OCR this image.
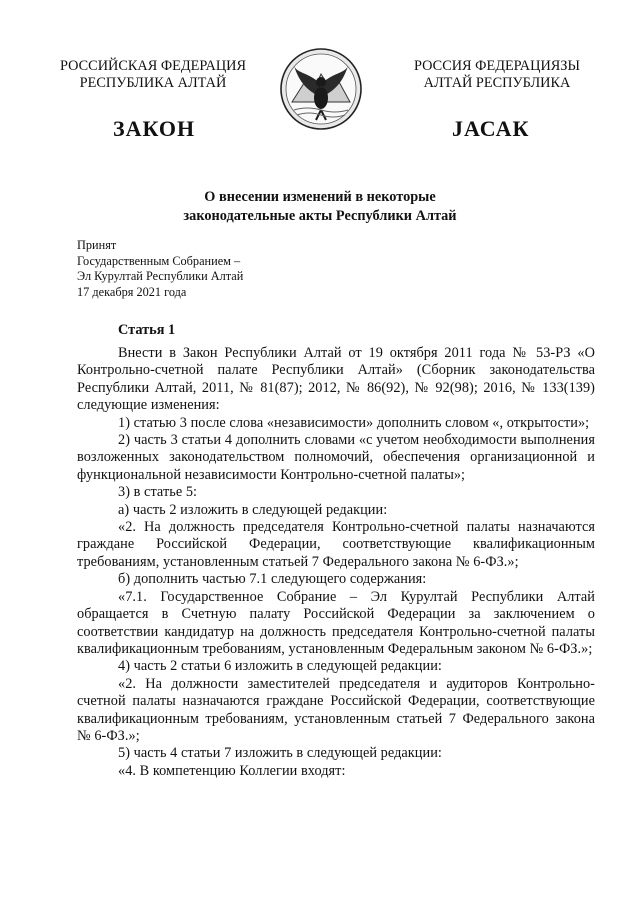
РОССИЙСКАЯ ФЕДЕРАЦИЯ
РЕСПУБЛИКА АЛТАЙ
РОССИЯ ФЕДЕРАЦИЯЗЫ
АЛТАЙ РЕСПУБЛИКА
ЗАКОН	ЈАСАК
О внесении изменений в некоторые
законодательные акты Республики Алтай
Принят
Государственным Собранием –
Эл Курултай Республики Алтай
17 декабря 2021 года
Статья 1

Внести в Закон Республики Алтай от 19 октября 2011 года № 53-РЗ «О Контрольно-счетной палате Республики Алтай» (Сборник законодательства Республики Алтай, 2011, № 81(87); 2012, № 86(92), № 92(98); 2016, № 133(139) следующие изменения:

1) статью 3 после слова «независимости» дополнить словом «, открытости»;

2) часть 3 статьи 4 дополнить словами «с учетом необходимости выполнения возложенных законодательством полномочий, обеспечения организационной и функциональной независимости Контрольно-счетной палаты»;

3) в статье 5:

а) часть 2 изложить в следующей редакции:

«2. На должность председателя Контрольно-счетной палаты назначаются граждане Российской Федерации, соответствующие квалификационным требованиям, установленным статьей 7 Федерального закона № 6-ФЗ.»;

б) дополнить частью 7.1 следующего содержания:

«7.1. Государственное Собрание – Эл Курултай Республики Алтай обращается в Счетную палату Российской Федерации за заключением о соответствии кандидатур на должность председателя Контрольно-счетной палаты квалификационным требованиям, установленным Федеральным законом № 6-ФЗ.»;

4) часть 2 статьи 6 изложить в следующей редакции:

«2. На должности заместителей председателя и аудиторов Контрольно-счетной палаты назначаются граждане Российской Федерации, соответствующие квалификационным требованиям, установленным статьей 7 Федерального закона № 6-ФЗ.»;

5) часть 4 статьи 7 изложить в следующей редакции:

«4. В компетенцию Коллегии входят:
